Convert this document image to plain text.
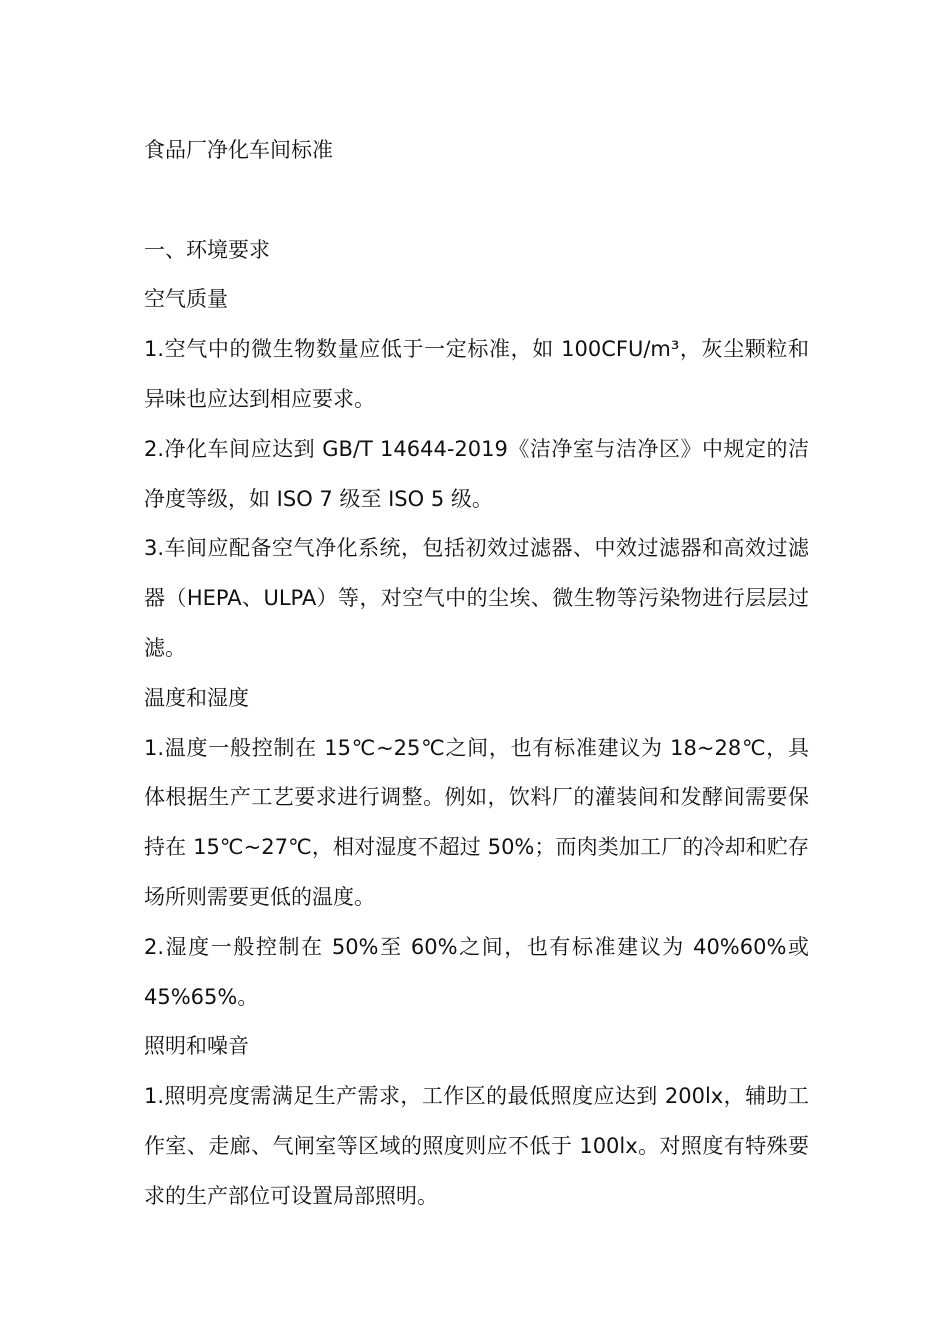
食品厂净化车间标准

一、环境要求

空气质量

1.空气中的微生物数量应低于一定标准，如 100CFU/m³，灰尘颗粒和异味也应达到相应要求。

2.净化车间应达到 GB/T 14644-2019《洁净室与洁净区》中规定的洁净度等级，如 ISO 7 级至 ISO 5 级。

3.车间应配备空气净化系统，包括初效过滤器、中效过滤器和高效过滤器（HEPA、ULPA）等，对空气中的尘埃、微生物等污染物进行层层过滤。

温度和湿度

1.温度一般控制在 15℃~25℃之间，也有标准建议为 18~28℃，具体根据生产工艺要求进行调整。例如，饮料厂的灌装间和发酵间需要保持在 15℃~27℃，相对湿度不超过 50%；而肉类加工厂的冷却和贮存场所则需要更低的温度。

2.湿度一般控制在 50%至 60%之间，也有标准建议为 40%60%或45%65%。

照明和噪音

1.照明亮度需满足生产需求，工作区的最低照度应达到 200lx，辅助工作室、走廊、气闸室等区域的照度则应不低于 100lx。对照度有特殊要求的生产部位可设置局部照明。
